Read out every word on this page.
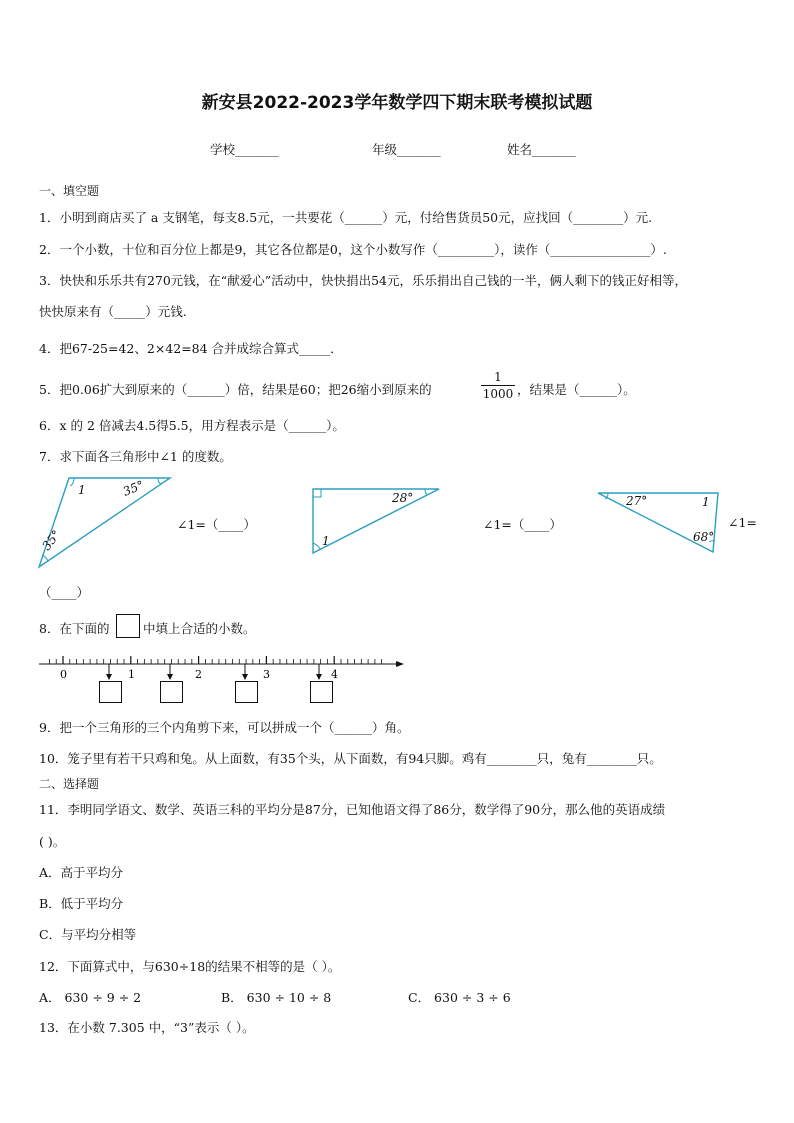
新安县2022-2023学年数学四下期末联考模拟试题
学校_______	年级_______	姓名_______
一、填空题
1．小明到商店买了 a 支钢笔，每支8.5元，一共要花（______）元，付给售货员50元，应找回（________）元.
2．一个小数，十位和百分位上都是9，其它各位都是0，这个小数写作（_________），读作（________________）.
3．快快和乐乐共有270元钱，在“献爱心”活动中，快快捐出54元，乐乐捐出自己钱的一半，俩人剩下的钱正好相等，
快快原来有（_____）元钱.
4．把67-25=42、2×42=84 合并成综合算式_____．
5．把0.06扩大到原来的（______）倍，结果是60；把26缩小到原来的
1
1000 ，结果是（______）。
6．x 的 2 倍减去4.5得5.5，用方程表示是（______）。
7．求下面各三角形中∠1 的度数。
1	35°
35°
28°
1
27°	1
68°
∠1=（____）	∠1=（____）	∠1=
（____）
8．在下面的	中填上合适的小数。
0	1	2	3	4
9．把一个三角形的三个内角剪下来，可以拼成一个（______）角。
10．笼子里有若干只鸡和兔。从上面数，有35个头，从下面数，有94只脚。鸡有________只，兔有________只。
二、选择题
11．李明同学语文、数学、英语三科的平均分是87分，已知他语文得了86分，数学得了90分，那么他的英语成绩
( )。
A．高于平均分
B．低于平均分
C．与平均分相等
12．下面算式中，与630÷18的结果不相等的是（ ）。
A． 630 ÷ 9 ÷ 2	B． 630 ÷ 10 ÷ 8	C． 630 ÷ 3 ÷ 6
13．在小数 7.305 中，“3”表示（ ）。
